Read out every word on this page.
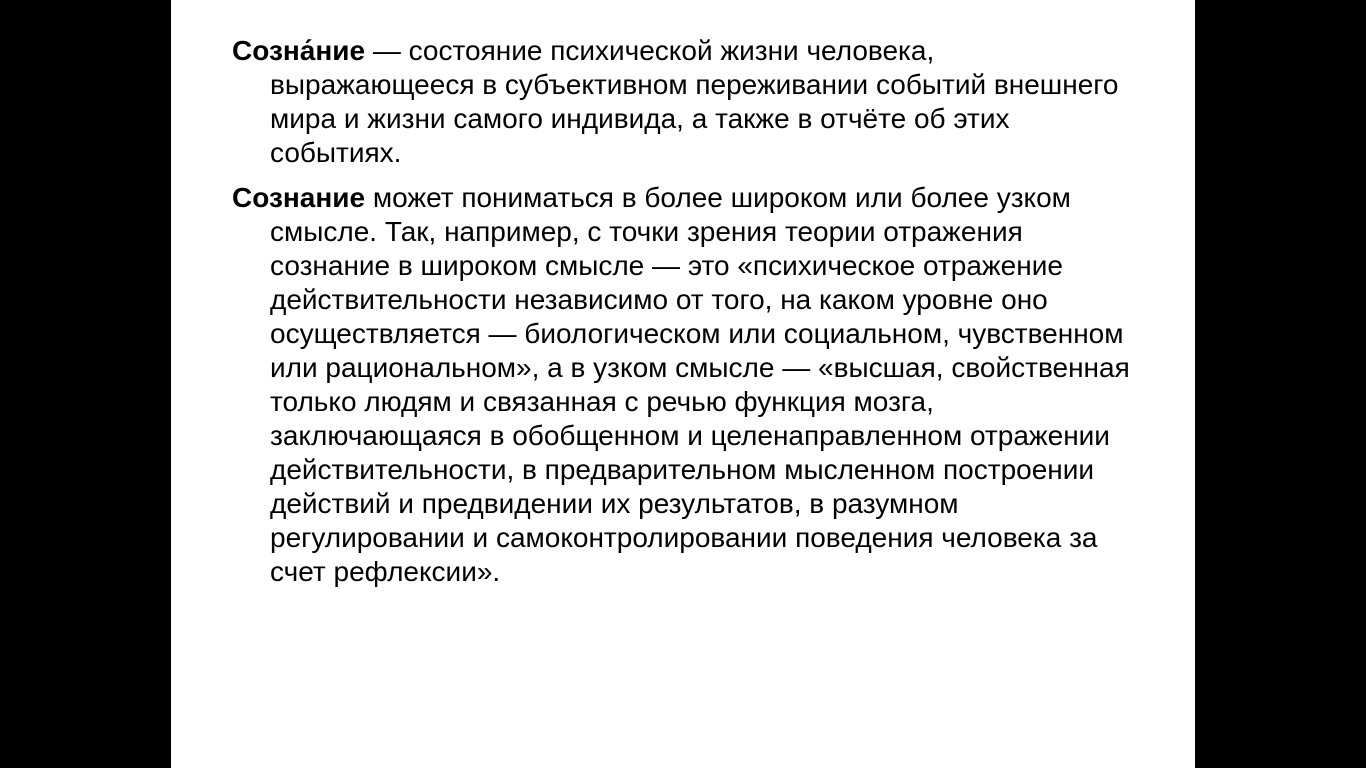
Созна́ние — состояние психической жизни человека, выражающееся в субъективном переживании событий внешнего мира и жизни самого индивида, а также в отчёте об этих событиях.

Сознание может пониматься в более широком или более узком смысле. Так, например, с точки зрения теории отражения сознание в широком смысле — это «психическое отражение действительности независимо от того, на каком уровне оно осуществляется — биологическом или социальном, чувственном или рациональном», а в узком смысле — «высшая, свойственная только людям и связанная с речью функция мозга, заключающаяся в обобщенном и целенаправленном отражении действительности, в предварительном мысленном построении действий и предвидении их результатов, в разумном регулировании и самоконтролировании поведения человека за счет рефлексии».
